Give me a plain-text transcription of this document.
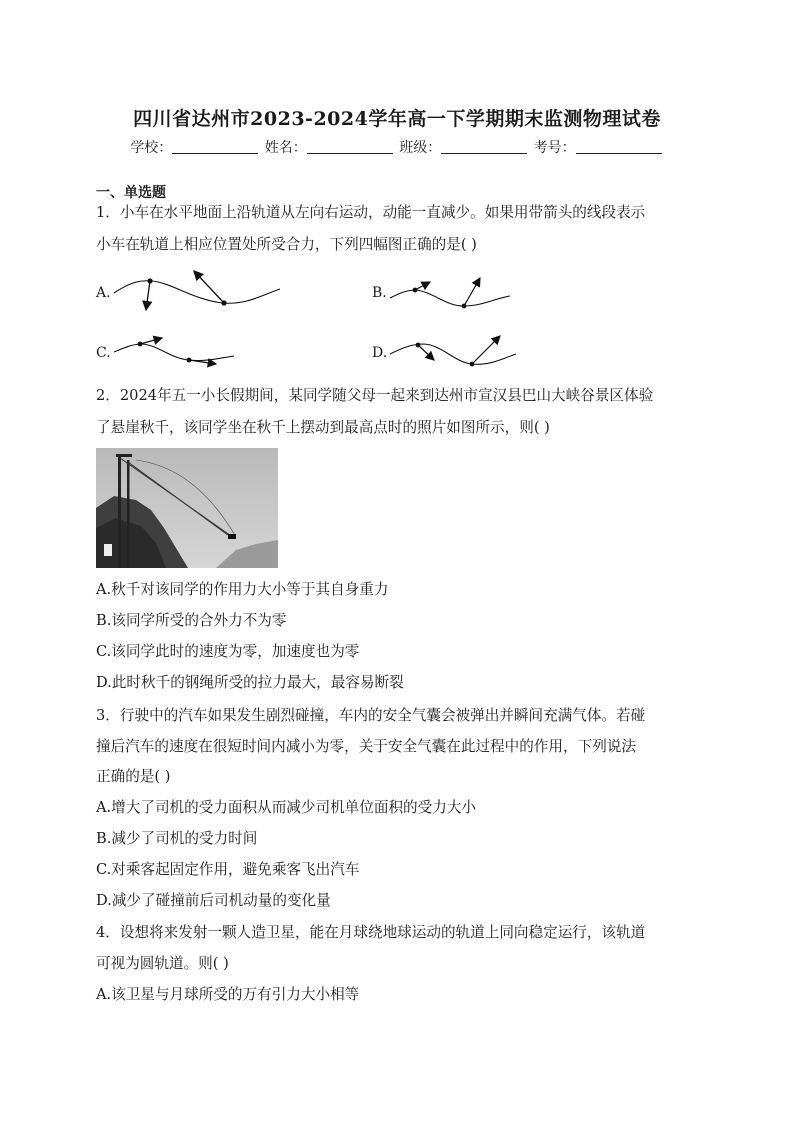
四川省达州市2023-2024学年高一下学期期末监测物理试卷
学校：	姓名：	班级：	考号：
一、单选题
1．小车在水平地面上沿轨道从左向右运动，动能一直减少。如果用带箭头的线段表示
小车在轨道上相应位置处所受合力，下列四幅图正确的是( )
A.	B.
C.	D.
2．2024年五一小长假期间，某同学随父母一起来到达州市宣汉县巴山大峡谷景区体验
了悬崖秋千，该同学坐在秋千上摆动到最高点时的照片如图所示，则( )
A.秋千对该同学的作用力大小等于其自身重力
B.该同学所受的合外力不为零
C.该同学此时的速度为零，加速度也为零
D.此时秋千的钢绳所受的拉力最大，最容易断裂
3．行驶中的汽车如果发生剧烈碰撞，车内的安全气囊会被弹出并瞬间充满气体。若碰
撞后汽车的速度在很短时间内减小为零，关于安全气囊在此过程中的作用，下列说法
正确的是( )
A.增大了司机的受力面积从而减少司机单位面积的受力大小
B.减少了司机的受力时间
C.对乘客起固定作用，避免乘客飞出汽车
D.减少了碰撞前后司机动量的变化量
4．设想将来发射一颗人造卫星，能在月球绕地球运动的轨道上同向稳定运行，该轨道
可视为圆轨道。则( )
A.该卫星与月球所受的万有引力大小相等
